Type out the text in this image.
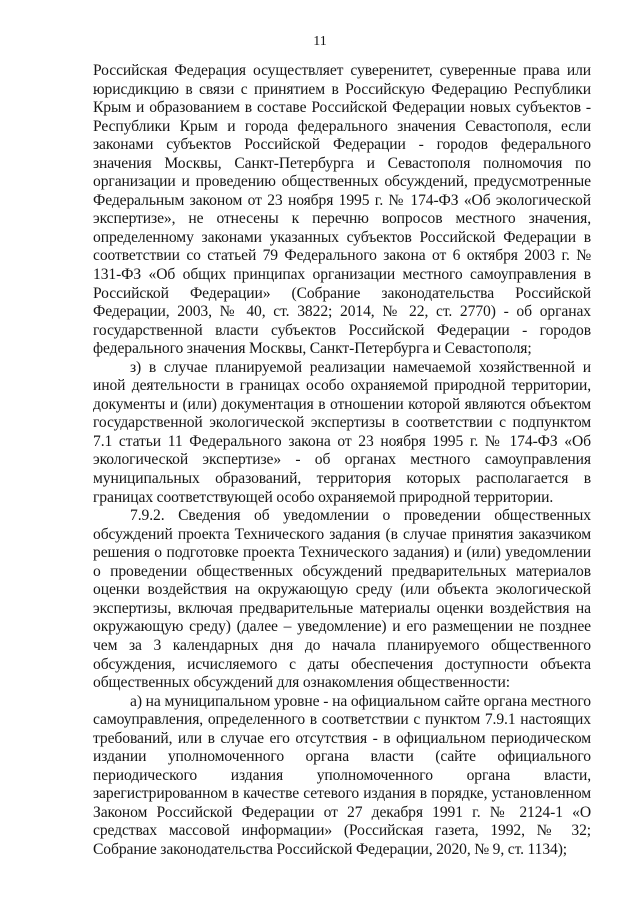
11

Российская Федерация осуществляет суверенитет, суверенные права или юрисдикцию в связи с принятием в Российскую Федерацию Республики Крым и образованием в составе Российской Федерации новых субъектов - Республики Крым и города федерального значения Севастополя, если законами субъектов Российской Федерации - городов федерального значения Москвы, Санкт-Петербурга и Севастополя полномочия по организации и проведению общественных обсуждений, предусмотренные Федеральным законом от 23 ноября 1995 г. № 174-ФЗ «Об экологической экспертизе», не отнесены к перечню вопросов местного значения, определенному законами указанных субъектов Российской Федерации в соответствии со статьей 79 Федерального закона от 6 октября 2003 г. № 131-ФЗ «Об общих принципах организации местного самоуправления в Российской Федерации» (Собрание законодательства Российской Федерации, 2003, № 40, ст. 3822; 2014, № 22, ст. 2770) - об органах государственной власти субъектов Российской Федерации - городов федерального значения Москвы, Санкт-Петербурга и Севастополя;

з) в случае планируемой реализации намечаемой хозяйственной и иной деятельности в границах особо охраняемой природной территории, документы и (или) документация в отношении которой являются объектом государственной экологической экспертизы в соответствии с подпунктом 7.1 статьи 11 Федерального закона от 23 ноября 1995 г. № 174-ФЗ «Об экологической экспертизе» - об органах местного самоуправления муниципальных образований, территория которых располагается в границах соответствующей особо охраняемой природной территории.

7.9.2. Сведения об уведомлении о проведении общественных обсуждений проекта Технического задания (в случае принятия заказчиком решения о подготовке проекта Технического задания) и (или) уведомлении о проведении общественных обсуждений предварительных материалов оценки воздействия на окружающую среду (или объекта экологической экспертизы, включая предварительные материалы оценки воздействия на окружающую среду) (далее – уведомление) и его размещении не позднее чем за 3 календарных дня до начала планируемого общественного обсуждения, исчисляемого с даты обеспечения доступности объекта общественных обсуждений для ознакомления общественности:

а) на муниципальном уровне - на официальном сайте органа местного самоуправления, определенного в соответствии с пунктом 7.9.1 настоящих требований, или в случае его отсутствия - в официальном периодическом издании уполномоченного органа власти (сайте официального периодического издания уполномоченного органа власти, зарегистрированном в качестве сетевого издания в порядке, установленном Законом Российской Федерации от 27 декабря 1991 г. № 2124-1 «О средствах массовой информации» (Российская газета, 1992, № 32; Собрание законодательства Российской Федерации, 2020, № 9, ст. 1134);
